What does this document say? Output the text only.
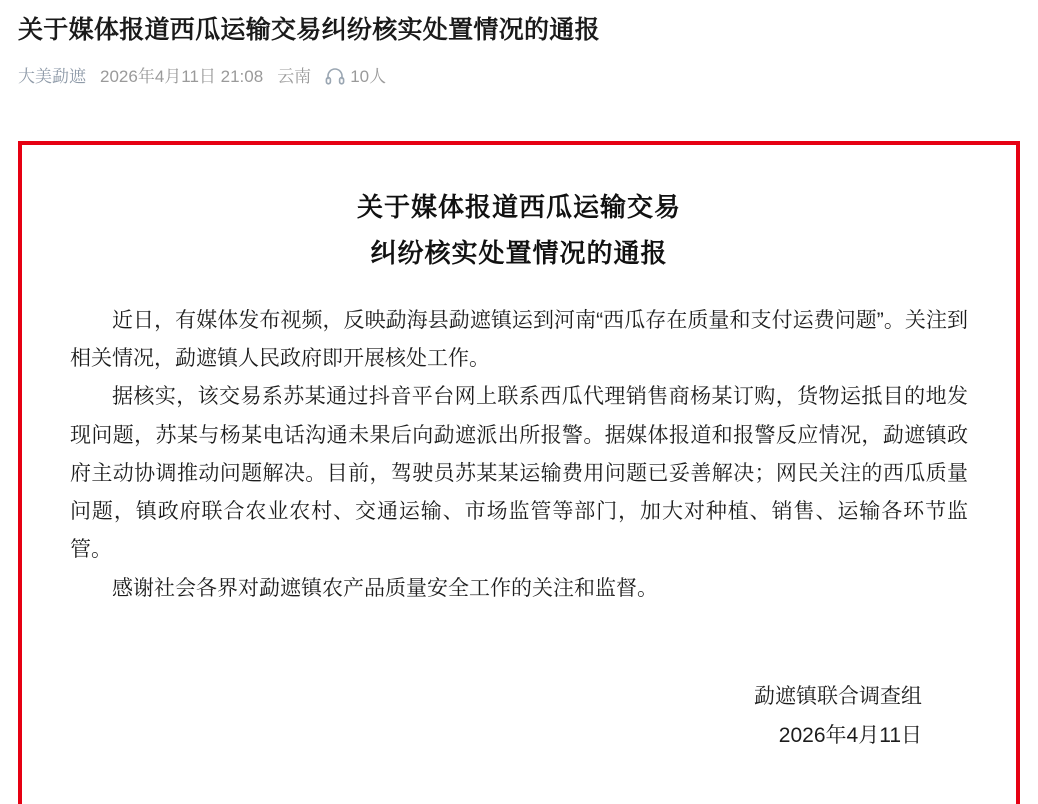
关于媒体报道西瓜运输交易纠纷核实处置情况的通报
大美勐遮 2026年4月11日 21:08 云南 10人
关于媒体报道西瓜运输交易
纠纷核实处置情况的通报

近日，有媒体发布视频，反映勐海县勐遮镇运到河南“西瓜存在质量和支付运费问题”。关注到相关情况，勐遮镇人民政府即开展核处工作。

据核实，该交易系苏某通过抖音平台网上联系西瓜代理销售商杨某订购，货物运抵目的地发现问题，苏某与杨某电话沟通未果后向勐遮派出所报警。据媒体报道和报警反应情况，勐遮镇政府主动协调推动问题解决。目前，驾驶员苏某某运输费用问题已妥善解决；网民关注的西瓜质量问题，镇政府联合农业农村、交通运输、市场监管等部门，加大对种植、销售、运输各环节监管。

感谢社会各界对勐遮镇农产品质量安全工作的关注和监督。

勐遮镇联合调查组
2026年4月11日
